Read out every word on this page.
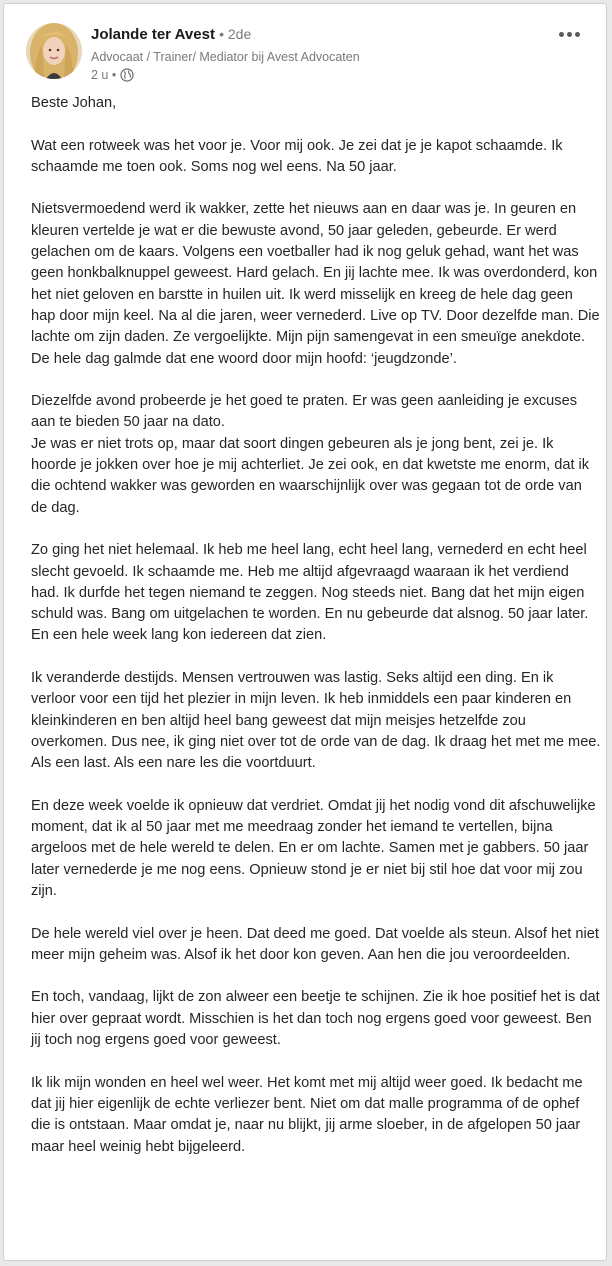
Jolande ter Avest • 2de
Advocaat / Trainer/ Mediator bij Avest Advocaten
2 u •

Beste Johan,

Wat een rotweek was het voor je. Voor mij ook. Je zei dat je je kapot schaamde. Ik schaamde me toen ook. Soms nog wel eens. Na 50 jaar.

Nietsvermoedend werd ik wakker, zette het nieuws aan en daar was je. In geuren en kleuren vertelde je wat er die bewuste avond, 50 jaar geleden, gebeurde. Er werd gelachen om de kaars. Volgens een voetballer had ik nog geluk gehad, want het was geen honkbalknuppel geweest. Hard gelach. En jij lachte mee. Ik was overdonderd, kon het niet geloven en barstte in huilen uit. Ik werd misselijk en kreeg de hele dag geen hap door mijn keel. Na al die jaren, weer vernederd. Live op TV. Door dezelfde man. Die lachte om zijn daden. Ze vergoelijkte. Mijn pijn samengevat in een smeuïge anekdote. De hele dag galmde dat ene woord door mijn hoofd: ‘jeugdzonde’.

Diezelfde avond probeerde je het goed te praten. Er was geen aanleiding je excuses aan te bieden 50 jaar na dato.
Je was er niet trots op, maar dat soort dingen gebeuren als je jong bent, zei je. Ik hoorde je jokken over hoe je mij achterliet. Je zei ook, en dat kwetste me enorm, dat ik die ochtend wakker was geworden en waarschijnlijk over was gegaan tot de orde van de dag.

Zo ging het niet helemaal. Ik heb me heel lang, echt heel lang, vernederd en echt heel slecht gevoeld. Ik schaamde me. Heb me altijd afgevraagd waaraan ik het verdiend had. Ik durfde het tegen niemand te zeggen. Nog steeds niet. Bang dat het mijn eigen schuld was. Bang om uitgelachen te worden. En nu gebeurde dat alsnog. 50 jaar later. En een hele week lang kon iedereen dat zien.

Ik veranderde destijds. Mensen vertrouwen was lastig. Seks altijd een ding. En ik verloor voor een tijd het plezier in mijn leven. Ik heb inmiddels een paar kinderen en kleinkinderen en ben altijd heel bang geweest dat mijn meisjes hetzelfde zou overkomen. Dus nee, ik ging niet over tot de orde van de dag. Ik draag het met me mee. Als een last. Als een nare les die voortduurt.

En deze week voelde ik opnieuw dat verdriet. Omdat jij het nodig vond dit afschuwelijke moment, dat ik al 50 jaar met me meedraag zonder het iemand te vertellen, bijna argeloos met de hele wereld te delen. En er om lachte. Samen met je gabbers. 50 jaar later vernederde je me nog eens. Opnieuw stond je er niet bij stil hoe dat voor mij zou zijn.

De hele wereld viel over je heen. Dat deed me goed. Dat voelde als steun. Alsof het niet meer mijn geheim was. Alsof ik het door kon geven. Aan hen die jou veroordeelden.

En toch, vandaag, lijkt de zon alweer een beetje te schijnen. Zie ik hoe positief het is dat hier over gepraat wordt. Misschien is het dan toch nog ergens goed voor geweest. Ben jij toch nog ergens goed voor geweest.

Ik lik mijn wonden en heel wel weer. Het komt met mij altijd weer goed. Ik bedacht me dat jij hier eigenlijk de echte verliezer bent. Niet om dat malle programma of de ophef die is ontstaan. Maar omdat je, naar nu blijkt, jij arme sloeber, in de afgelopen 50 jaar maar heel weinig hebt bijgeleerd.
